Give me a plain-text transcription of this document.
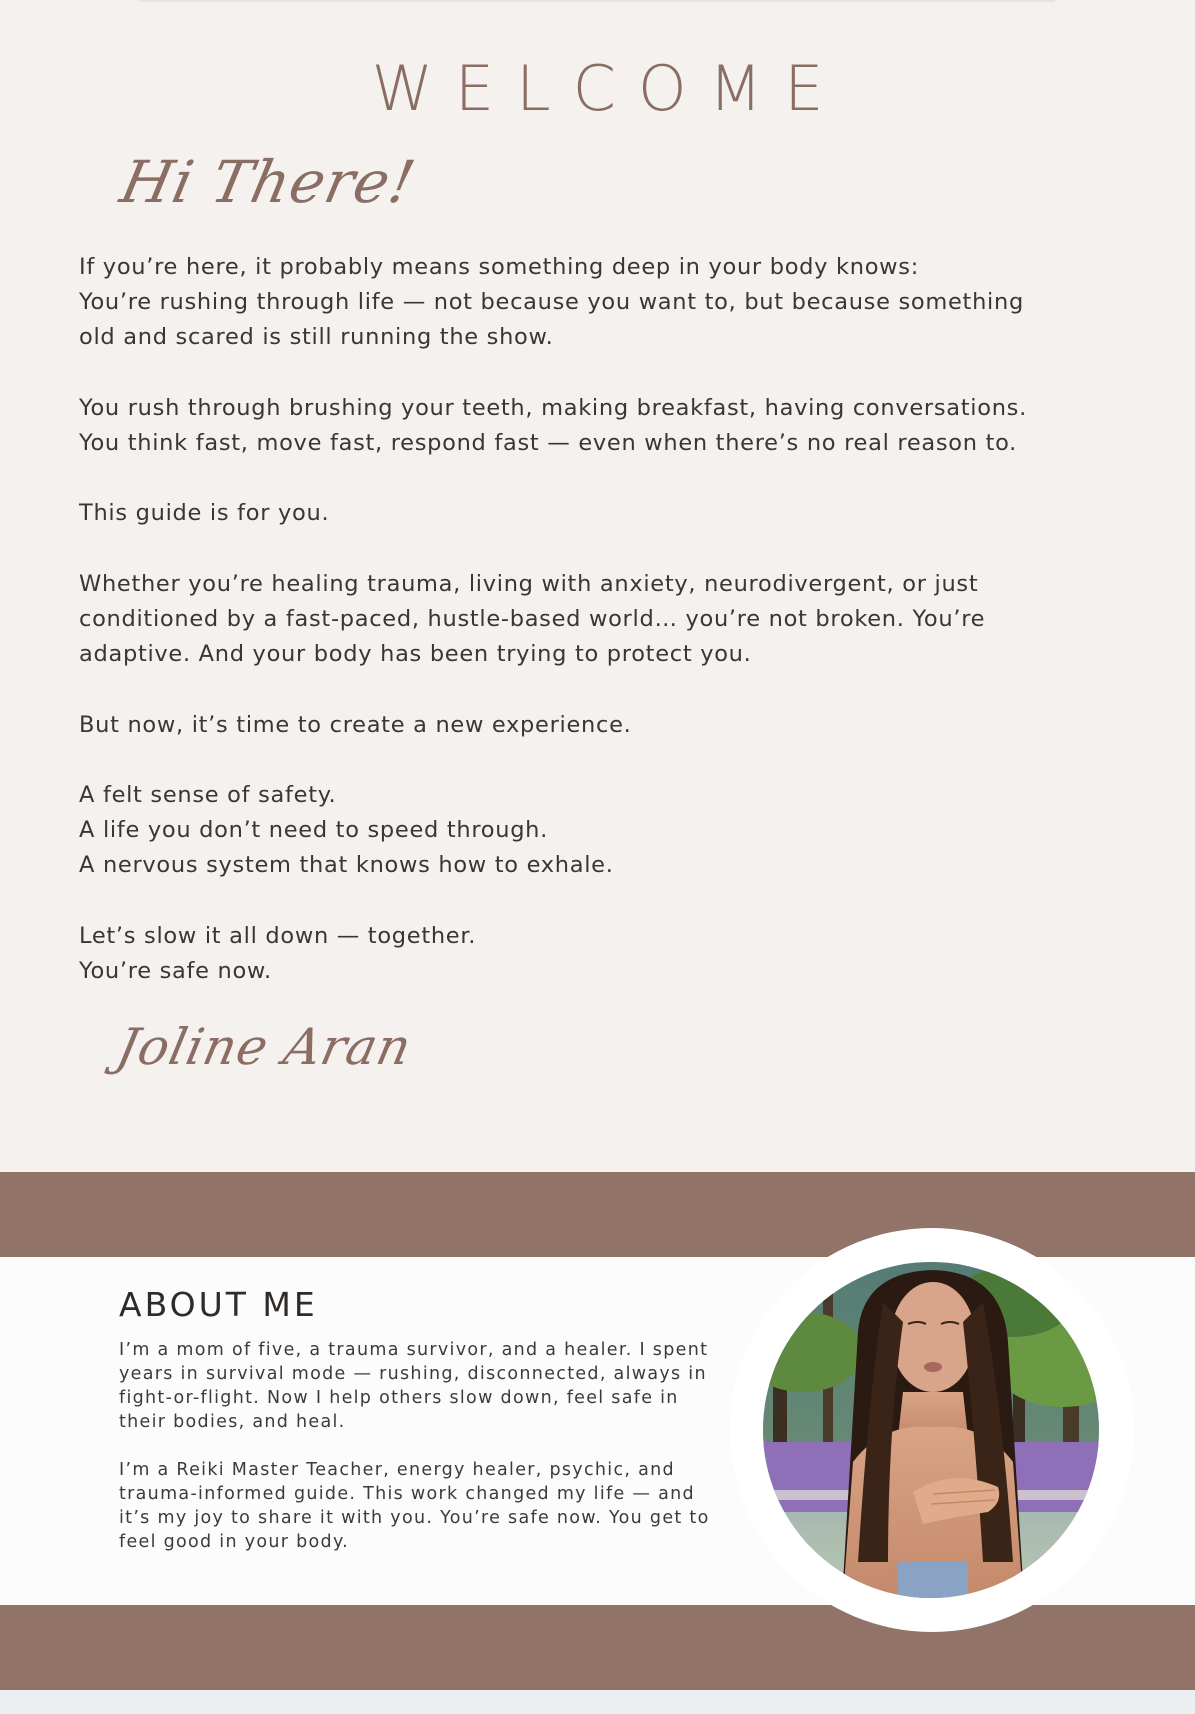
WELCOME
Hi There!

If you’re here, it probably means something deep in your body knows:
You’re rushing through life — not because you want to, but because something
old and scared is still running the show.

You rush through brushing your teeth, making breakfast, having conversations.
You think fast, move fast, respond fast — even when there’s no real reason to.

This guide is for you.

Whether you’re healing trauma, living with anxiety, neurodivergent, or just
conditioned by a fast-paced, hustle-based world… you’re not broken. You’re
adaptive. And your body has been trying to protect you.

But now, it’s time to create a new experience.

A felt sense of safety.
A life you don’t need to speed through.
A nervous system that knows how to exhale.

Let’s slow it all down — together.
You’re safe now.

Joline Aran
ABOUT ME

I’m a mom of five, a trauma survivor, and a healer. I spent
years in survival mode — rushing, disconnected, always in
fight-or-flight. Now I help others slow down, feel safe in
their bodies, and heal.

I’m a Reiki Master Teacher, energy healer, psychic, and
trauma-informed guide. This work changed my life — and
it’s my joy to share it with you. You’re safe now. You get to
feel good in your body.
